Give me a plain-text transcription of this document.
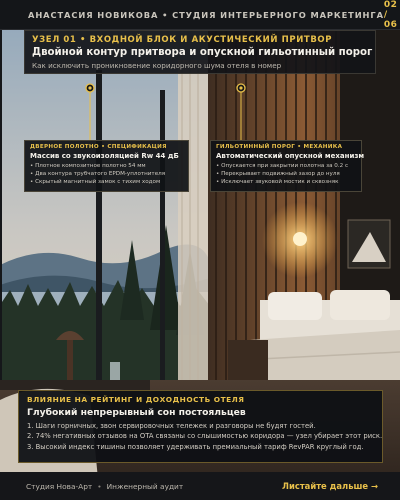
АНАСТАСИЯ НОВИКОВА • СТУДИЯ ИНТЕРЬЕРНОГО МАРКЕТИНГА
02 / 06
УЗЕЛ 01 • ВХОДНОЙ БЛОК И АКУСТИЧЕСКИЙ ПРИТВОР
Двойной контур притвора и опускной гильотинный порог
Как исключить проникновение коридорного шума отеля в номер
ДВЕРНОЕ ПОЛОТНО • СПЕЦИФИКАЦИЯ
Массив со звукоизоляцией Rw 44 дБ
• Плотное композитное полотно 54 мм
• Два контура трубчатого EPDM-уплотнителя
• Скрытый магнитный замок с тихим ходом
ГИЛЬОТИННЫЙ ПОРОГ • МЕХАНИКА
Автоматический опускной механизм
• Опускается при закрытии полотна за 0.2 с
• Перекрывает подвижный зазор до нуля
• Исключает звуковой мостик и сквозняк
ВЛИЯНИЕ НА РЕЙТИНГ И ДОХОДНОСТЬ ОТЕЛЯ
Глубокий непрерывный сон постояльцев
1. Шаги горничных, звон сервировочных тележек и разговоры не будят гостей.
2. 74% негативных отзывов на OTA связаны со слышимостью коридора — узел убирает этот риск.
3. Высокий индекс тишины позволяет удерживать премиальный тариф RevPAR круглый год.
Студия Нова-Арт • Инженерный аудит	Листайте дальше →
